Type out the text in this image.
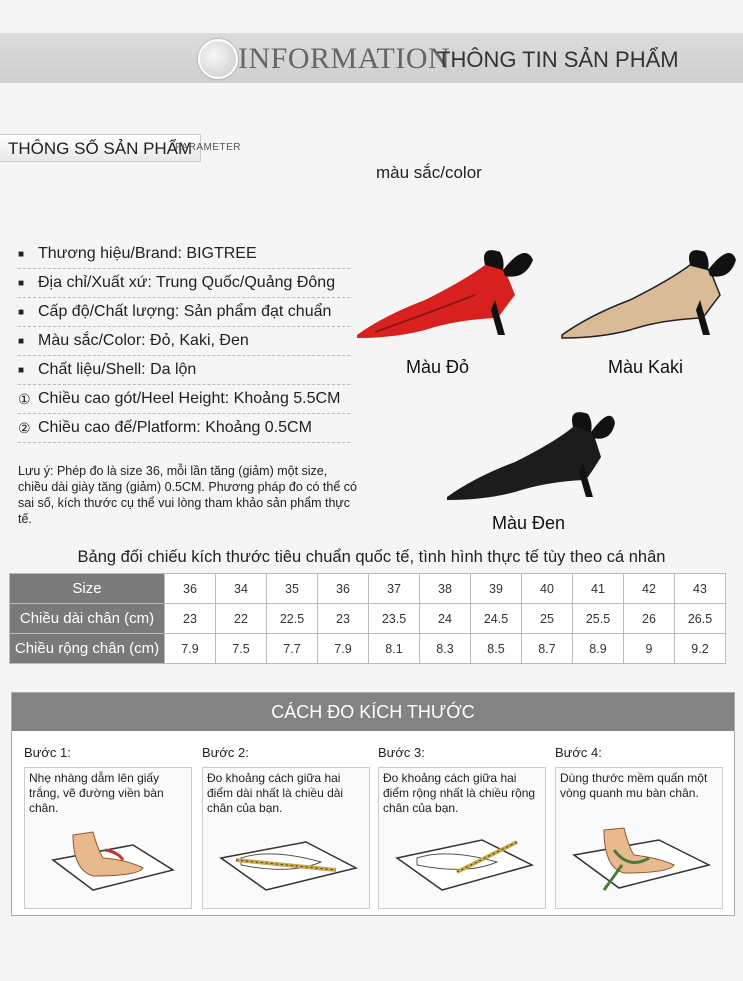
INFORMATION
THÔNG TIN SẢN PHẨM
THÔNG SỐ SẢN PHẨM
PARAMETER
màu sắc/color
■ Thương hiệu/Brand: BIGTREE
■ Địa chỉ/Xuất xứ: Trung Quốc/Quảng Đông
■ Cấp độ/Chất lượng: Sản phẩm đạt chuẩn
■ Màu sắc/Color: Đỏ, Kaki, Đen
■ Chất liệu/Shell: Da lộn
① Chiều cao gót/Heel Height: Khoảng 5.5CM
② Chiều cao đế/Platform: Khoảng 0.5CM
Lưu ý: Phép đo là size 36, mỗi lần tăng (giảm) một size, chiều dài giày tăng (giảm) 0.5CM. Phương pháp đo có thể có sai số, kích thước cụ thể vui lòng tham khảo sản phẩm thực tế.
Màu Đỏ	Màu Kaki
Màu Đen
Bảng đối chiếu kích thước tiêu chuẩn quốc tế, tình hình thực tế tùy theo cá nhân
Size	36	34	35	36	37	38	39	40	41	42	43
Chiều dài chân (cm)	23	22	22.5	23	23.5	24	24.5	25	25.5	26	26.5
Chiều rộng chân (cm)	7.9	7.5	7.7	7.9	8.1	8.3	8.5	8.7	8.9	9	9.2
CÁCH ĐO KÍCH THƯỚC
Bước 1:
Nhẹ nhàng dẫm lên giấy trắng, vẽ đường viền bàn chân.
Bước 2:
Đo khoảng cách giữa hai điểm dài nhất là chiều dài chân của bạn.
Bước 3:
Đo khoảng cách giữa hai điểm rộng nhất là chiều rộng chân của bạn.
Bước 4:
Dùng thước mềm quấn một vòng quanh mu bàn chân.
